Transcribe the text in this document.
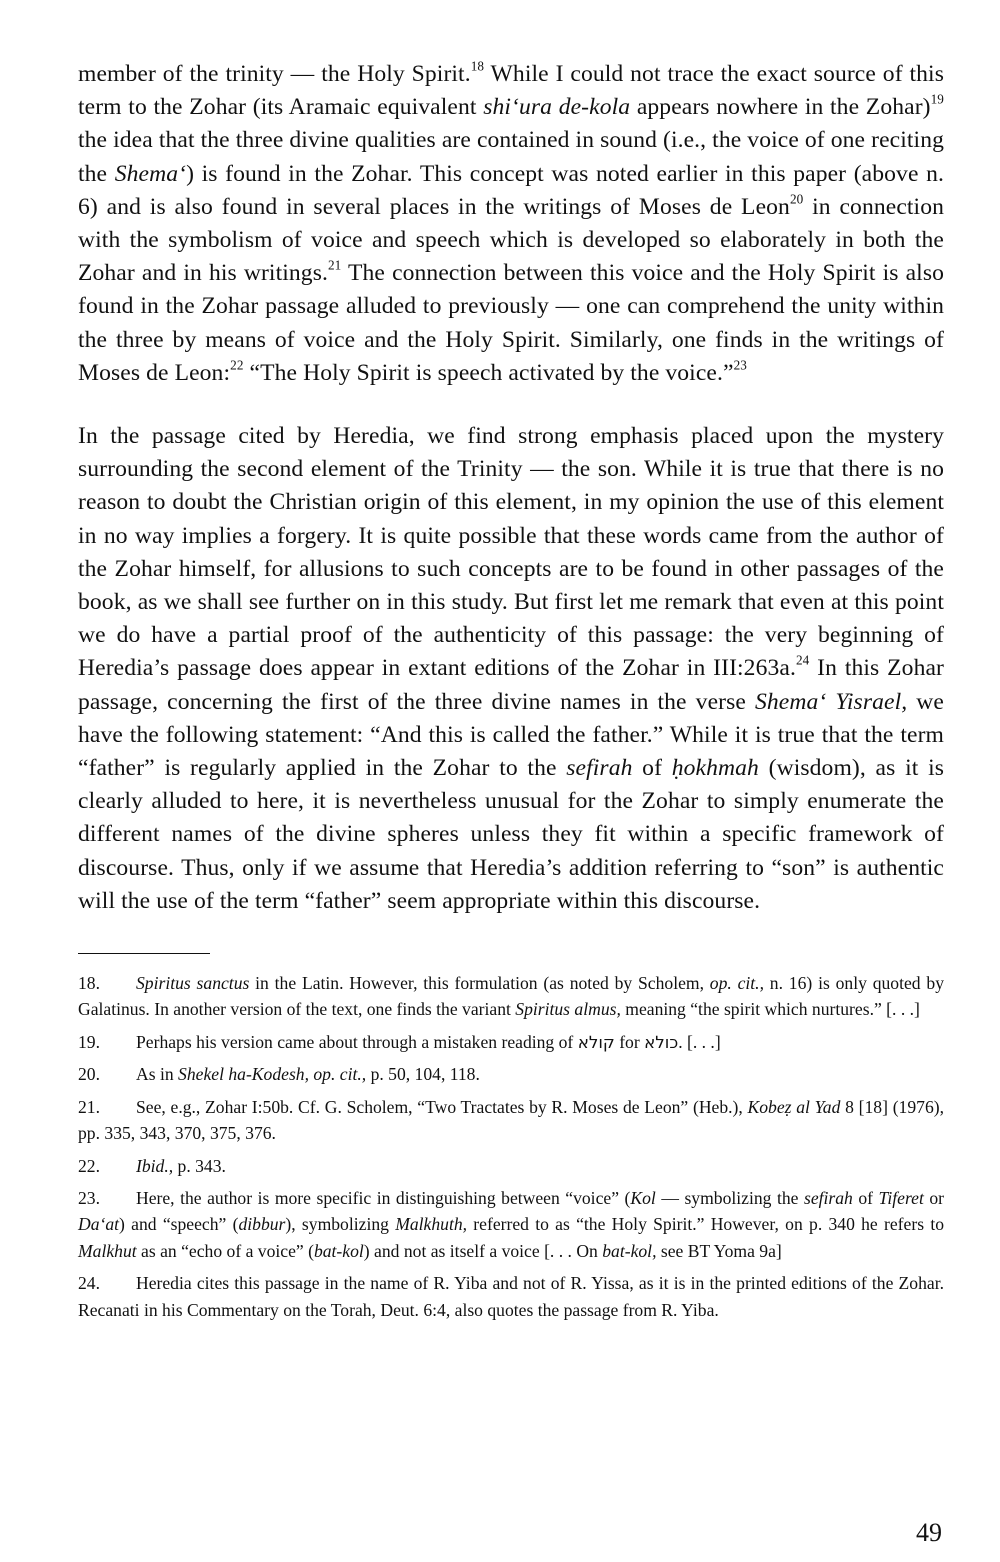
member of the trinity — the Holy Spirit.$^{18}$ While I could not trace the exact source of this term to the Zohar (its Aramaic equivalent shi‘ura de-kola appears nowhere in the Zohar)$^{19}$ the idea that the three divine qualities are contained in sound (i.e., the voice of one reciting the Shema‘) is found in the Zohar. This concept was noted earlier in this paper (above n. 6) and is also found in several places in the writings of Moses de Leon$^{20}$ in connection with the symbolism of voice and speech which is developed so elaborately in both the Zohar and in his writings.$^{21}$ The connection between this voice and the Holy Spirit is also found in the Zohar passage alluded to previously — one can comprehend the unity within the three by means of voice and the Holy Spirit. Similarly, one finds in the writings of Moses de Leon:$^{22}$ “The Holy Spirit is speech activated by the voice.”$^{23}$

In the passage cited by Heredia, we find strong emphasis placed upon the mystery surrounding the second element of the Trinity — the son. While it is true that there is no reason to doubt the Christian origin of this element, in my opinion the use of this element in no way implies a forgery. It is quite possible that these words came from the author of the Zohar himself, for allusions to such concepts are to be found in other passages of the book, as we shall see further on in this study. But first let me remark that even at this point we do have a partial proof of the authenticity of this passage: the very beginning of Heredia’s passage does appear in extant editions of the Zohar in III:263a.$^{24}$ In this Zohar passage, concerning the first of the three divine names in the verse Shema‘ Yisrael, we have the following statement: “And this is called the father.” While it is true that the term “father” is regularly applied in the Zohar to the sefirah of ḥokhmah (wisdom), as it is clearly alluded to here, it is nevertheless unusual for the Zohar to simply enumerate the different names of the divine spheres unless they fit within a specific framework of discourse. Thus, only if we assume that Heredia’s addition referring to “son” is authentic will the use of the term “father” seem appropriate within this discourse.

18. Spiritus sanctus in the Latin. However, this formulation (as noted by Scholem, op. cit., n. 16) is only quoted by Galatinus. In another version of the text, one finds the variant Spiritus almus, meaning “the spirit which nurtures.” [. . .]

19. Perhaps his version came about through a mistaken reading of קולא for כולא. [. . .]

20. As in Shekel ha-Kodesh, op. cit., p. 50, 104, 118.

21. See, e.g., Zohar I:50b. Cf. G. Scholem, “Two Tractates by R. Moses de Leon” (Heb.), Kobeẓ al Yad 8 [18] (1976), pp. 335, 343, 370, 375, 376.

22. Ibid., p. 343.

23. Here, the author is more specific in distinguishing between “voice” (Kol — symbolizing the sefirah of Tiferet or Da‘at) and “speech” (dibbur), symbolizing Malkhuth, referred to as “the Holy Spirit.” However, on p. 340 he refers to Malkhut as an “echo of a voice” (bat-kol) and not as itself a voice [. . . On bat-kol, see BT Yoma 9a]

24. Heredia cites this passage in the name of R. Yiba and not of R. Yissa, as it is in the printed editions of the Zohar. Recanati in his Commentary on the Torah, Deut. 6:4, also quotes the passage from R. Yiba.

49
